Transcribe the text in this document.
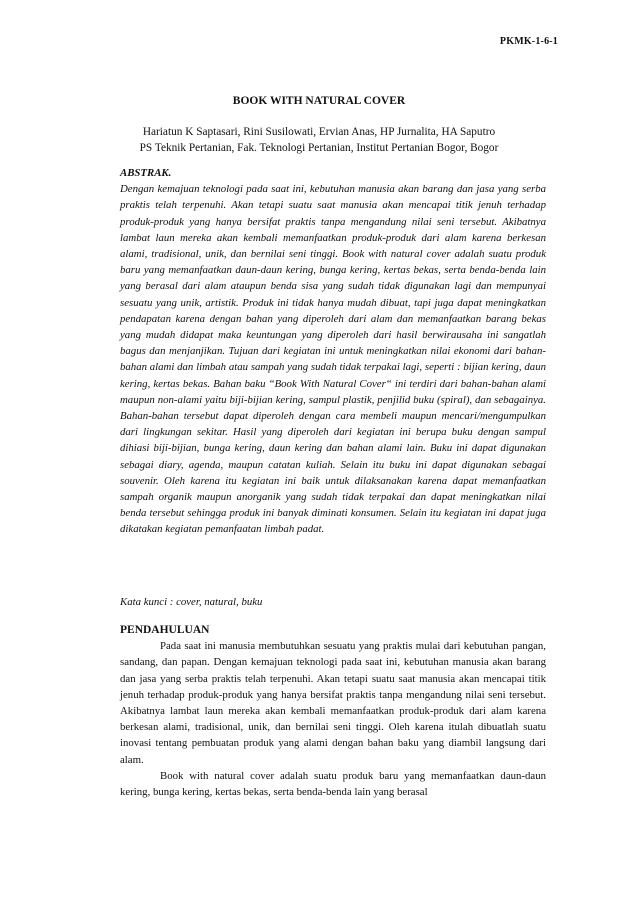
PKMK-1-6-1
BOOK WITH NATURAL COVER
Hariatun K Saptasari, Rini Susilowati, Ervian Anas, HP Jurnalita, HA Saputro
PS Teknik Pertanian, Fak. Teknologi Pertanian, Institut Pertanian Bogor, Bogor
ABSTRAK.

Dengan kemajuan teknologi pada saat ini, kebutuhan manusia akan barang dan jasa yang serba praktis telah terpenuhi. Akan tetapi suatu saat manusia akan mencapai titik jenuh terhadap produk-produk yang hanya bersifat praktis tanpa mengandung nilai seni tersebut. Akibatnya lambat laun mereka akan kembali memanfaatkan produk-produk dari alam karena berkesan alami, tradisional, unik, dan bernilai seni tinggi. Book with natural cover adalah suatu produk baru yang memanfaatkan daun-daun kering, bunga kering, kertas bekas, serta benda-benda lain yang berasal dari alam ataupun benda sisa yang sudah tidak digunakan lagi dan mempunyai sesuatu yang unik, artistik. Produk ini tidak hanya mudah dibuat, tapi juga dapat meningkatkan pendapatan karena dengan bahan yang diperoleh dari alam dan memanfaatkan barang bekas yang mudah didapat maka keuntungan yang diperoleh dari hasil berwirausaha ini sangatlah bagus dan menjanjikan. Tujuan dari kegiatan ini untuk meningkatkan nilai ekonomi dari bahan-bahan alami dan limbah atau sampah yang sudah tidak terpakai lagi, seperti : bijian kering, daun kering, kertas bekas. Bahan baku “Book With Natural Cover“ ini terdiri dari bahan-bahan alami maupun non-alami yaitu biji-bijian kering, sampul plastik, penjilid buku (spiral), dan sebagainya. Bahan-bahan tersebut dapat diperoleh dengan cara membeli maupun mencari/mengumpulkan dari lingkungan sekitar. Hasil yang diperoleh dari kegiatan ini berupa buku dengan sampul dihiasi biji-bijian, bunga kering, daun kering dan bahan alami lain. Buku ini dapat digunakan sebagai diary, agenda, maupun catatan kuliah. Selain itu buku ini dapat digunakan sebagai souvenir. Oleh karena itu kegiatan ini baik untuk dilaksanakan karena dapat memanfaatkan sampah organik maupun anorganik yang sudah tidak terpakai dan dapat meningkatkan nilai benda tersebut sehingga produk ini banyak diminati konsumen. Selain itu kegiatan ini dapat juga dikatakan kegiatan pemanfaatan limbah padat.

Kata kunci : cover, natural, buku
PENDAHULUAN

Pada saat ini manusia membutuhkan sesuatu yang praktis mulai dari kebutuhan pangan, sandang, dan papan. Dengan kemajuan teknologi pada saat ini, kebutuhan manusia akan barang dan jasa yang serba praktis telah terpenuhi. Akan tetapi suatu saat manusia akan mencapai titik jenuh terhadap produk-produk yang hanya bersifat praktis tanpa mengandung nilai seni tersebut. Akibatnya lambat laun mereka akan kembali memanfaatkan produk-produk dari alam karena berkesan alami, tradisional, unik, dan bernilai seni tinggi. Oleh karena itulah dibuatlah suatu inovasi tentang pembuatan produk yang alami dengan bahan baku yang diambil langsung dari alam.

Book with natural cover adalah suatu produk baru yang memanfaatkan daun-daun kering, bunga kering, kertas bekas, serta benda-benda lain yang berasal
